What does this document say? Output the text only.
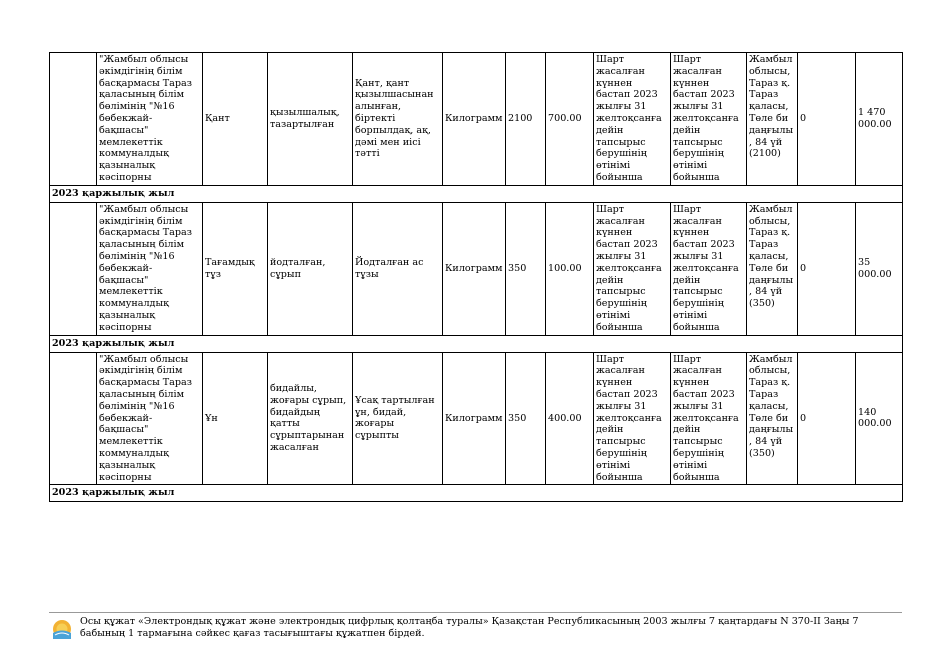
	"Жамбыл облысы әкімдігінің білім басқармасы Тараз қаласының білім бөлімінің "№16 бөбекжай-бақшасы" мемлекеттік коммуналдық қазыналық кәсіпорны	Қант	қызылшалық, тазартылған	Қант, қант қызылшасынан алынған, біртекті борпылдақ, ақ, дәмі мен иісі тәтті	Килограмм	2100	700.00	Шарт жасалған күннен бастап 2023 жылғы 31 желтоқсанға дейін тапсырыс берушінің өтінімі бойынша	Шарт жасалған күннен бастап 2023 жылғы 31 желтоқсанға дейін тапсырыс берушінің өтінімі бойынша	Жамбыл облысы, Тараз қ. Тараз қаласы, Төле би даңғылы, 84 үй (2100)	0	1 470 000.00
2023 қаржылық жыл												
	"Жамбыл облысы әкімдігінің білім басқармасы Тараз қаласының білім бөлімінің "№16 бөбекжай-бақшасы" мемлекеттік коммуналдық қазыналық кәсіпорны	Тағамдық тұз	йодталған, сұрып	Йодталған ас тұзы	Килограмм	350	100.00	Шарт жасалған күннен бастап 2023 жылғы 31 желтоқсанға дейін тапсырыс берушінің өтінімі бойынша	Шарт жасалған күннен бастап 2023 жылғы 31 желтоқсанға дейін тапсырыс берушінің өтінімі бойынша	Жамбыл облысы, Тараз қ. Тараз қаласы, Төле би даңғылы, 84 үй (350)	0	35 000.00
2023 қаржылық жыл												
	"Жамбыл облысы әкімдігінің білім басқармасы Тараз қаласының білім бөлімінің "№16 бөбекжай-бақшасы" мемлекеттік коммуналдық қазыналық кәсіпорны	Ұн	бидайлы, жоғары сұрып, бидайдың қатты сұрыптарынан жасалған	Ұсақ тартылған ұн, бидай, жоғары сұрыпты	Килограмм	350	400.00	Шарт жасалған күннен бастап 2023 жылғы 31 желтоқсанға дейін тапсырыс берушінің өтінімі бойынша	Шарт жасалған күннен бастап 2023 жылғы 31 желтоқсанға дейін тапсырыс берушінің өтінімі бойынша	Жамбыл облысы, Тараз қ. Тараз қаласы, Төле би даңғылы, 84 үй (350)	0	140 000.00
2023 қаржылық жыл												
Осы құжат «Электрондық құжат және электрондық цифрлық қолтаңба туралы» Қазақстан Республикасының 2003 жылғы 7 қаңтардағы N 370-II Заңы 7 бабының 1 тармағына сәйкес қағаз тасығыштағы құжатпен бірдей.
